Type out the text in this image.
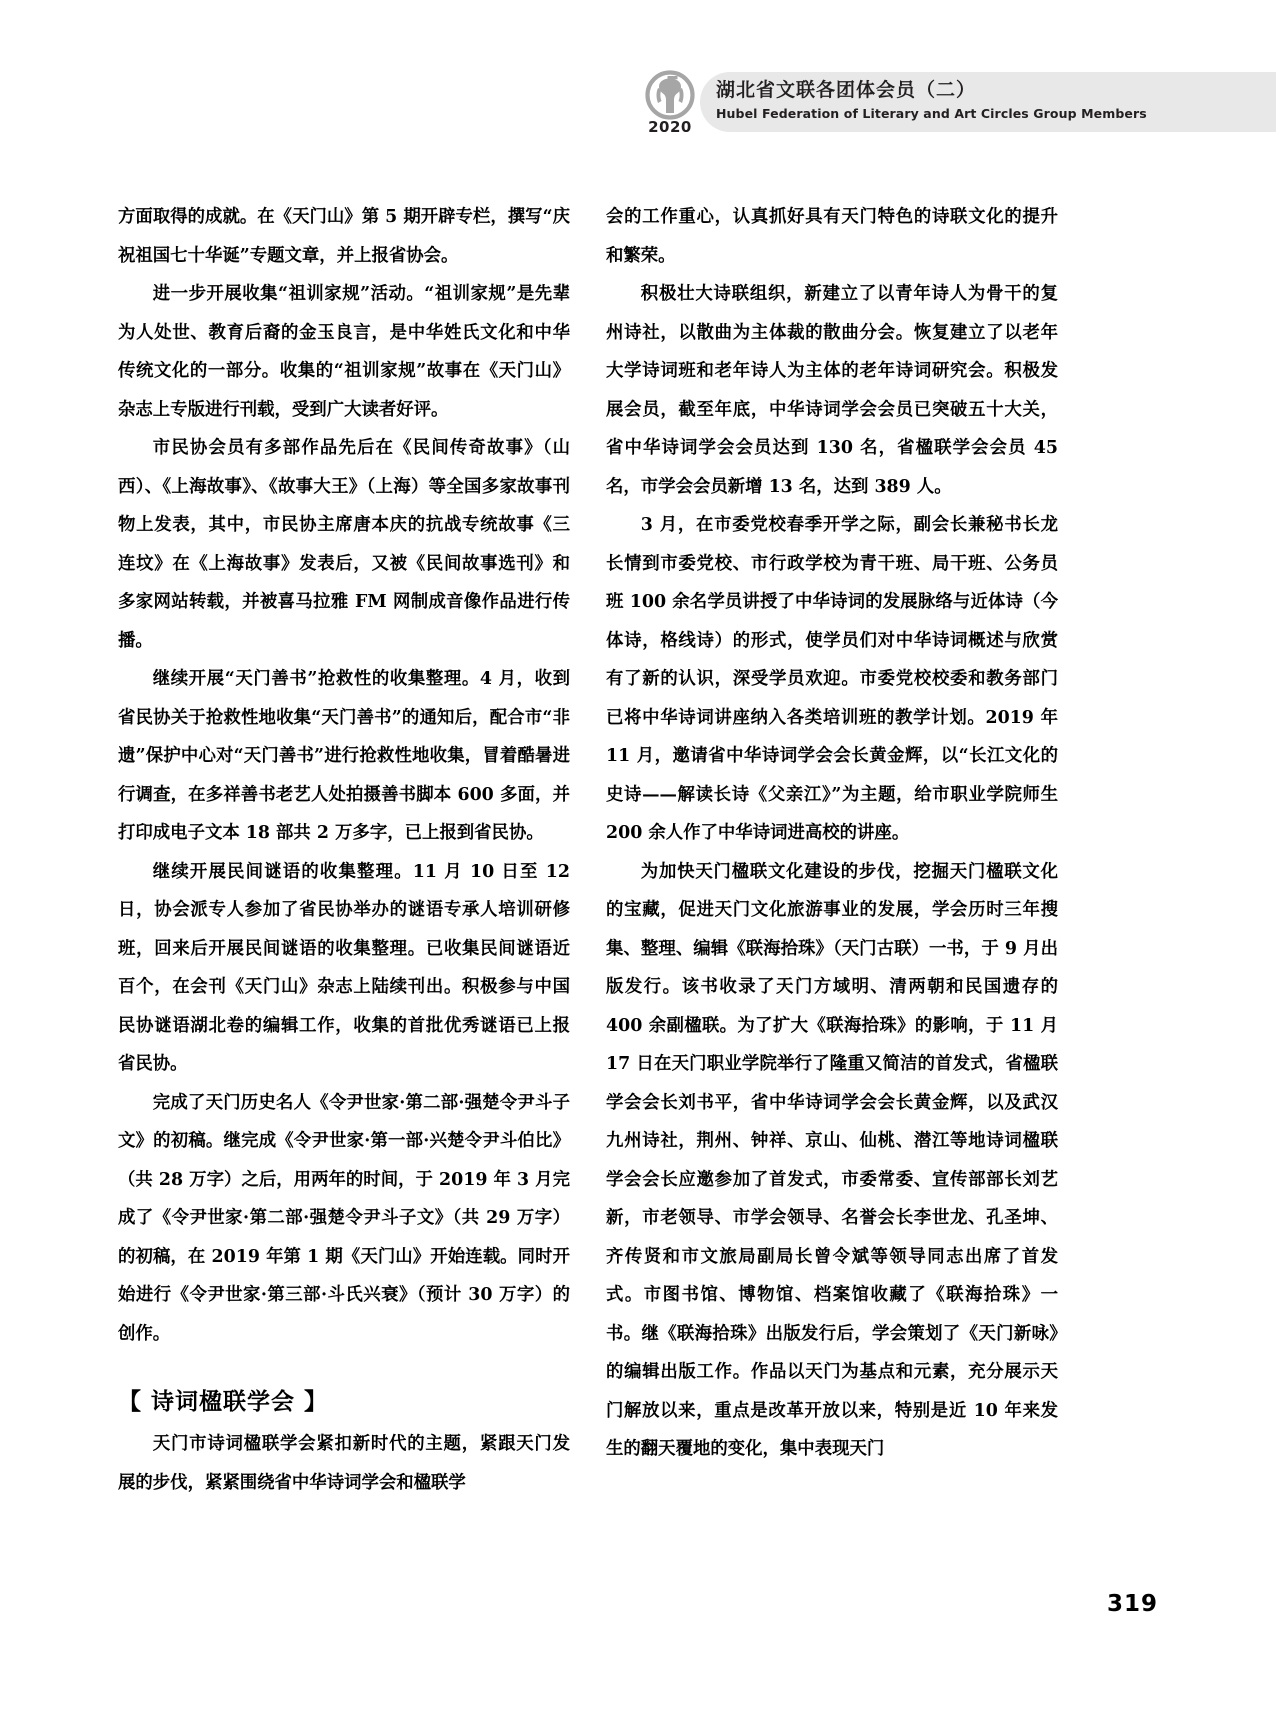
2020
湖北省文联各团体会员（二）
Hubel Federation of Literary and Art Circles Group Members

方面取得的成就。在《天门山》第 5 期开辟专栏，撰写“庆祝祖国七十华诞”专题文章，并上报省协会。

进一步开展收集“祖训家规”活动。“祖训家规”是先辈为人处世、教育后裔的金玉良言，是中华姓氏文化和中华传统文化的一部分。收集的“祖训家规”故事在《天门山》杂志上专版进行刊载，受到广大读者好评。

市民协会员有多部作品先后在《民间传奇故事》（山西）、《上海故事》、《故事大王》（上海）等全国多家故事刊物上发表，其中，市民协主席唐本庆的抗战专统故事《三连坟》在《上海故事》发表后，又被《民间故事选刊》和多家网站转载，并被喜马拉雅 FM 网制成音像作品进行传播。

继续开展“天门善书”抢救性的收集整理。4 月，收到省民协关于抢救性地收集“天门善书”的通知后，配合市“非遗”保护中心对“天门善书”进行抢救性地收集，冒着酷暑进行调查，在多祥善书老艺人处拍摄善书脚本 600 多面，并打印成电子文本 18 部共 2 万多字，已上报到省民协。

继续开展民间谜语的收集整理。11 月 10 日至 12 日，协会派专人参加了省民协举办的谜语专承人培训研修班，回来后开展民间谜语的收集整理。已收集民间谜语近百个，在会刊《天门山》杂志上陆续刊出。积极参与中国民协谜语湖北卷的编辑工作，收集的首批优秀谜语已上报省民协。

完成了天门历史名人《令尹世家·第二部·强楚令尹斗子文》的初稿。继完成《令尹世家·第一部·兴楚令尹斗伯比》（共 28 万字）之后，用两年的时间，于 2019 年 3 月完成了《令尹世家·第二部·强楚令尹斗子文》（共 29 万字）的初稿，在 2019 年第 1 期《天门山》开始连载。同时开始进行《令尹世家·第三部·斗氏兴衰》（预计 30 万字）的创作。

【 诗词楹联学会 】

天门市诗词楹联学会紧扣新时代的主题，紧跟天门发展的步伐，紧紧围绕省中华诗词学会和楹联学

会的工作重心，认真抓好具有天门特色的诗联文化的提升和繁荣。

积极壮大诗联组织，新建立了以青年诗人为骨干的复州诗社，以散曲为主体裁的散曲分会。恢复建立了以老年大学诗词班和老年诗人为主体的老年诗词研究会。积极发展会员，截至年底，中华诗词学会会员已突破五十大关，省中华诗词学会会员达到 130 名，省楹联学会会员 45 名，市学会会员新增 13 名，达到 389 人。

3 月，在市委党校春季开学之际，副会长兼秘书长龙长情到市委党校、市行政学校为青干班、局干班、公务员班 100 余名学员讲授了中华诗词的发展脉络与近体诗（今体诗，格线诗）的形式，使学员们对中华诗词概述与欣赏有了新的认识，深受学员欢迎。市委党校校委和教务部门已将中华诗词讲座纳入各类培训班的教学计划。2019 年 11 月，邀请省中华诗词学会会长黄金辉，以“长江文化的史诗——解读长诗《父亲江》”为主题，给市职业学院师生 200 余人作了中华诗词进高校的讲座。

为加快天门楹联文化建设的步伐，挖掘天门楹联文化的宝藏，促进天门文化旅游事业的发展，学会历时三年搜集、整理、编辑《联海拾珠》（天门古联）一书，于 9 月出版发行。该书收录了天门方域明、清两朝和民国遗存的 400 余副楹联。为了扩大《联海拾珠》的影响，于 11 月 17 日在天门职业学院举行了隆重又简洁的首发式，省楹联学会会长刘书平，省中华诗词学会会长黄金辉，以及武汉九州诗社，荆州、钟祥、京山、仙桃、潜江等地诗词楹联学会会长应邀参加了首发式，市委常委、宣传部部长刘艺新，市老领导、市学会领导、名誉会长李世龙、孔圣坤、齐传贤和市文旅局副局长曾令斌等领导同志出席了首发式。市图书馆、博物馆、档案馆收藏了《联海拾珠》一书。继《联海拾珠》出版发行后，学会策划了《天门新咏》的编辑出版工作。作品以天门为基点和元素，充分展示天门解放以来，重点是改革开放以来，特别是近 10 年来发生的翻天覆地的变化，集中表现天门

319
